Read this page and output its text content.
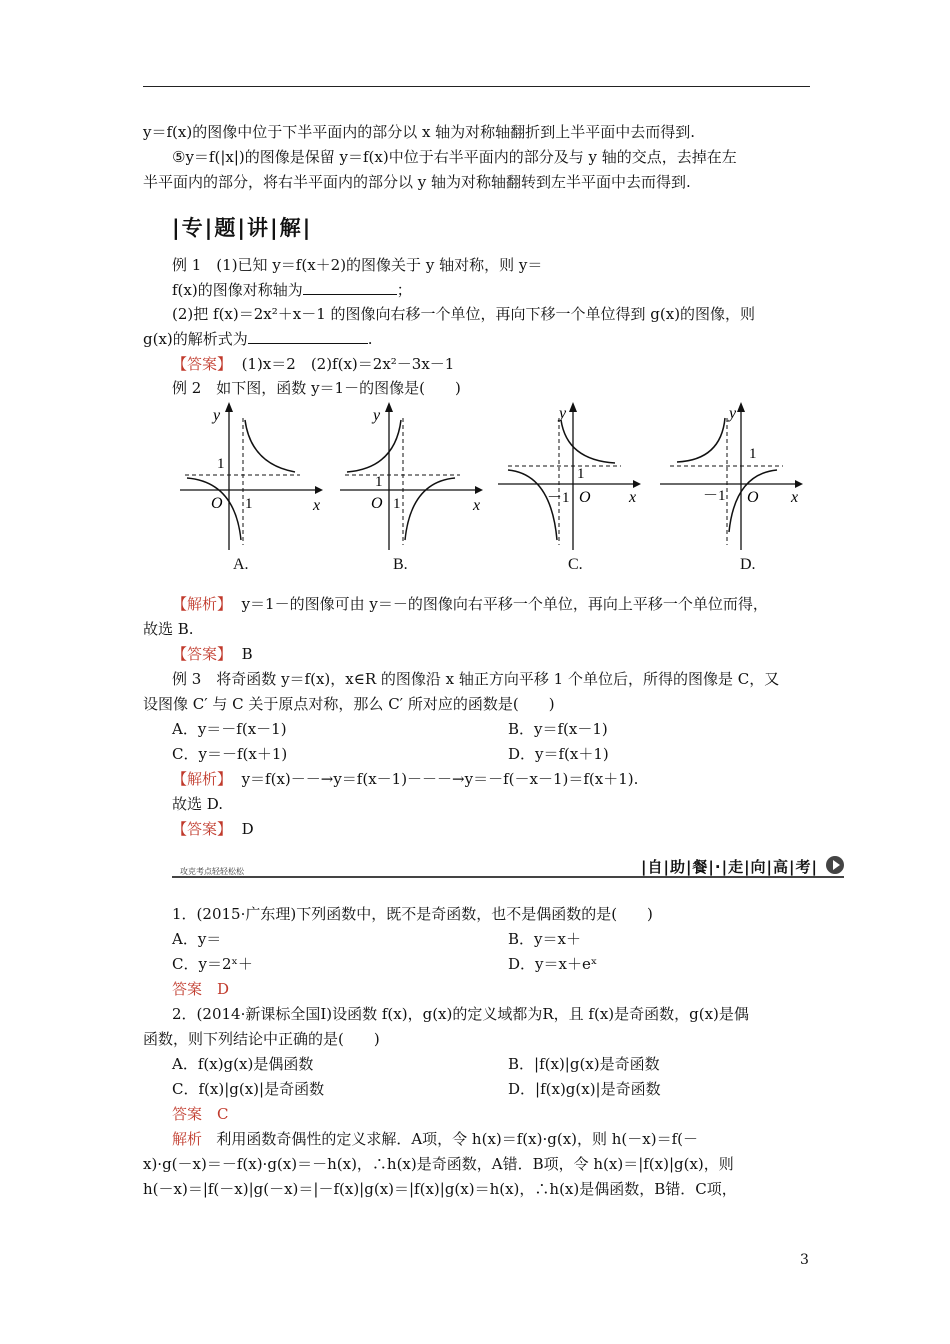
y＝f(x)的图像中位于下半平面内的部分以 x 轴为对称轴翻折到上半平面中去而得到.
⑤y＝f(|x|)的图像是保留 y＝f(x)中位于右半平面内的部分及与 y 轴的交点，去掉在左
半平面内的部分，将右半平面内的部分以 y 轴为对称轴翻转到左半平面中去而得到.
|专|题|讲|解|
例 1　(1)已知 y＝f(x＋2)的图像关于 y 轴对称，则 y＝
f(x)的图像对称轴为	；
(2)把 f(x)＝2x²＋x－1 的图像向右移一个单位，再向下移一个单位得到 g(x)的图像，则
g(x)的解析式为	.
【答案】 (1)x＝2　(2)f(x)＝2x²－3x－1
例 2　如下图，函数 y＝1－的图像是(　　)
y
x
O 1
1
A.
y
x
O 1
1
B.
y
x
O
－1
1
C.
y
x
O
－1
1
D.
【解析】 y＝1－的图像可由 y＝－的图像向右平移一个单位，再向上平移一个单位而得，
故选 B.
【答案】 B
例 3　将奇函数 y＝f(x)，x∈R 的图像沿 x 轴正方向平移 1 个单位后，所得的图像是 C，又
设图像 C′ 与 C 关于原点对称，那么 C′ 所对应的函数是(　　)
A．y＝－f(x－1)	B．y＝f(x－1)
C．y＝－f(x＋1)	D．y＝f(x＋1)
【解析】 y＝f(x)－－→y＝f(x－1)－－－→y＝－f(－x－1)＝f(x＋1).
故选 D.
【答案】 D
攻克考点轻轻松松	|自|助|餐|·|走|向|高|考|
1．(2015·广东理)下列函数中，既不是奇函数，也不是偶函数的是(　　)
A．y＝	B．y＝x＋
C．y＝2ˣ＋	D．y＝x＋eˣ
答案　D
2．(2014·新课标全国Ⅰ)设函数 f(x)，g(x)的定义域都为R，且 f(x)是奇函数，g(x)是偶
函数，则下列结论中正确的是(　　)
A．f(x)g(x)是偶函数	B．|f(x)|g(x)是奇函数
C．f(x)|g(x)|是奇函数	D．|f(x)g(x)|是奇函数
答案　C
解析 利用函数奇偶性的定义求解．A项，令 h(x)＝f(x)·g(x)，则 h(－x)＝f(－
x)·g(－x)＝－f(x)·g(x)＝－h(x)，∴h(x)是奇函数，A错．B项，令 h(x)＝|f(x)|g(x)，则
h(－x)＝|f(－x)|g(－x)＝|－f(x)|g(x)＝|f(x)|g(x)＝h(x)，∴h(x)是偶函数，B错．C项，
3
